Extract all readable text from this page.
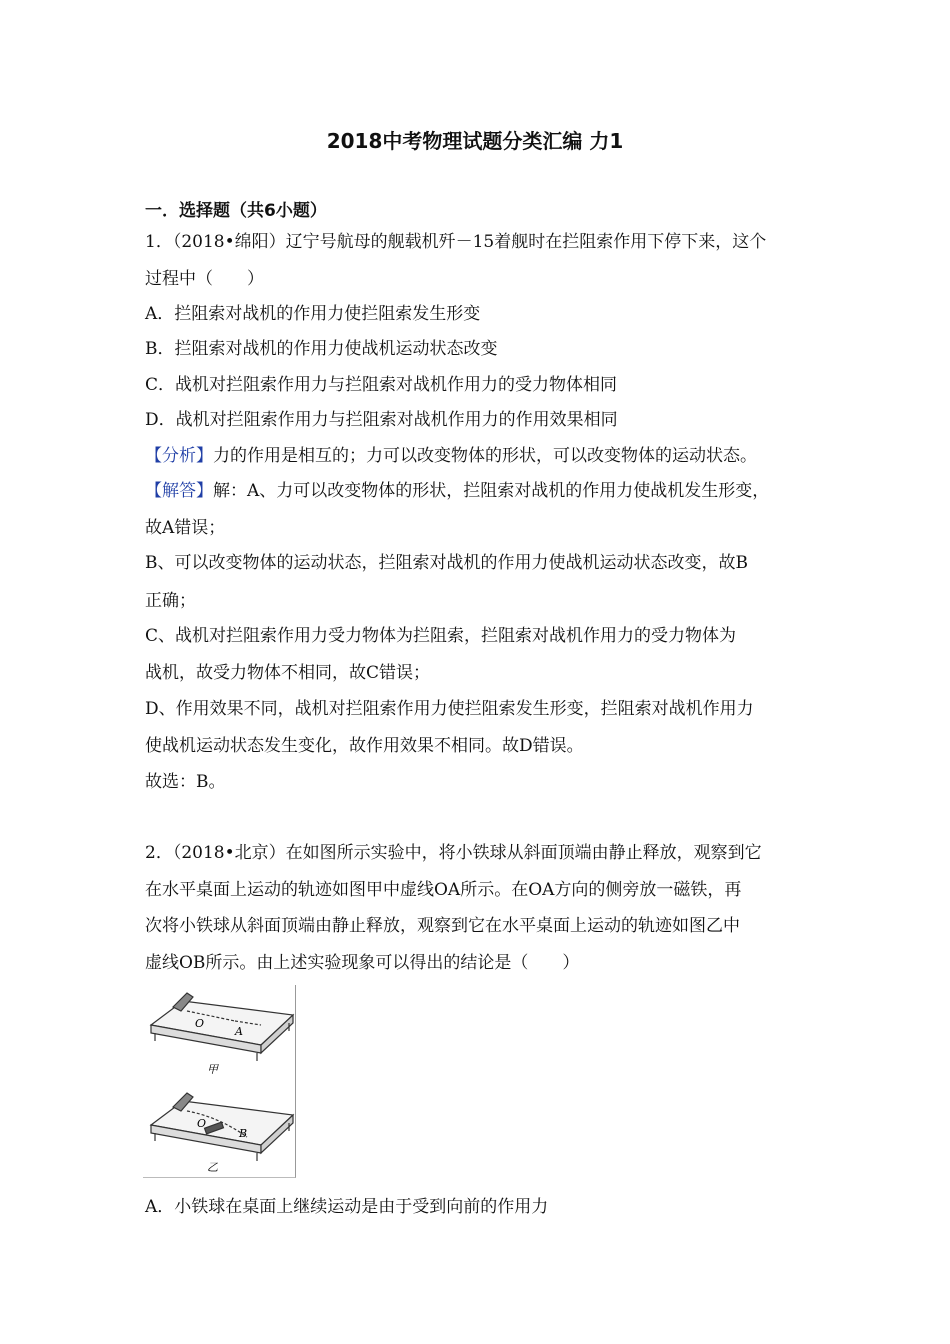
2018中考物理试题分类汇编 力1
一．选择题（共6小题）
1．（2018•绵阳）辽宁号航母的舰载机歼－15着舰时在拦阻索作用下停下来，这个
过程中（　　）
A．拦阻索对战机的作用力使拦阻索发生形变
B．拦阻索对战机的作用力使战机运动状态改变
C．战机对拦阻索作用力与拦阻索对战机作用力的受力物体相同
D．战机对拦阻索作用力与拦阻索对战机作用力的作用效果相同
【分析】力的作用是相互的；力可以改变物体的形状，可以改变物体的运动状态。
【解答】解：A、力可以改变物体的形状，拦阻索对战机的作用力使战机发生形变，
故A错误；
B、可以改变物体的运动状态，拦阻索对战机的作用力使战机运动状态改变，故B
正确；
C、战机对拦阻索作用力受力物体为拦阻索，拦阻索对战机作用力的受力物体为
战机，故受力物体不相同，故C错误；
D、作用效果不同，战机对拦阻索作用力使拦阻索发生形变，拦阻索对战机作用力
使战机运动状态发生变化，故作用效果不相同。故D错误。
故选：B。
2．（2018•北京）在如图所示实验中，将小铁球从斜面顶端由静止释放，观察到它
在水平桌面上运动的轨迹如图甲中虚线OA所示。在OA方向的侧旁放一磁铁，再
次将小铁球从斜面顶端由静止释放，观察到它在水平桌面上运动的轨迹如图乙中
虚线OB所示。由上述实验现象可以得出的结论是（　　）
O
A
甲
O
B
乙
A．小铁球在桌面上继续运动是由于受到向前的作用力
